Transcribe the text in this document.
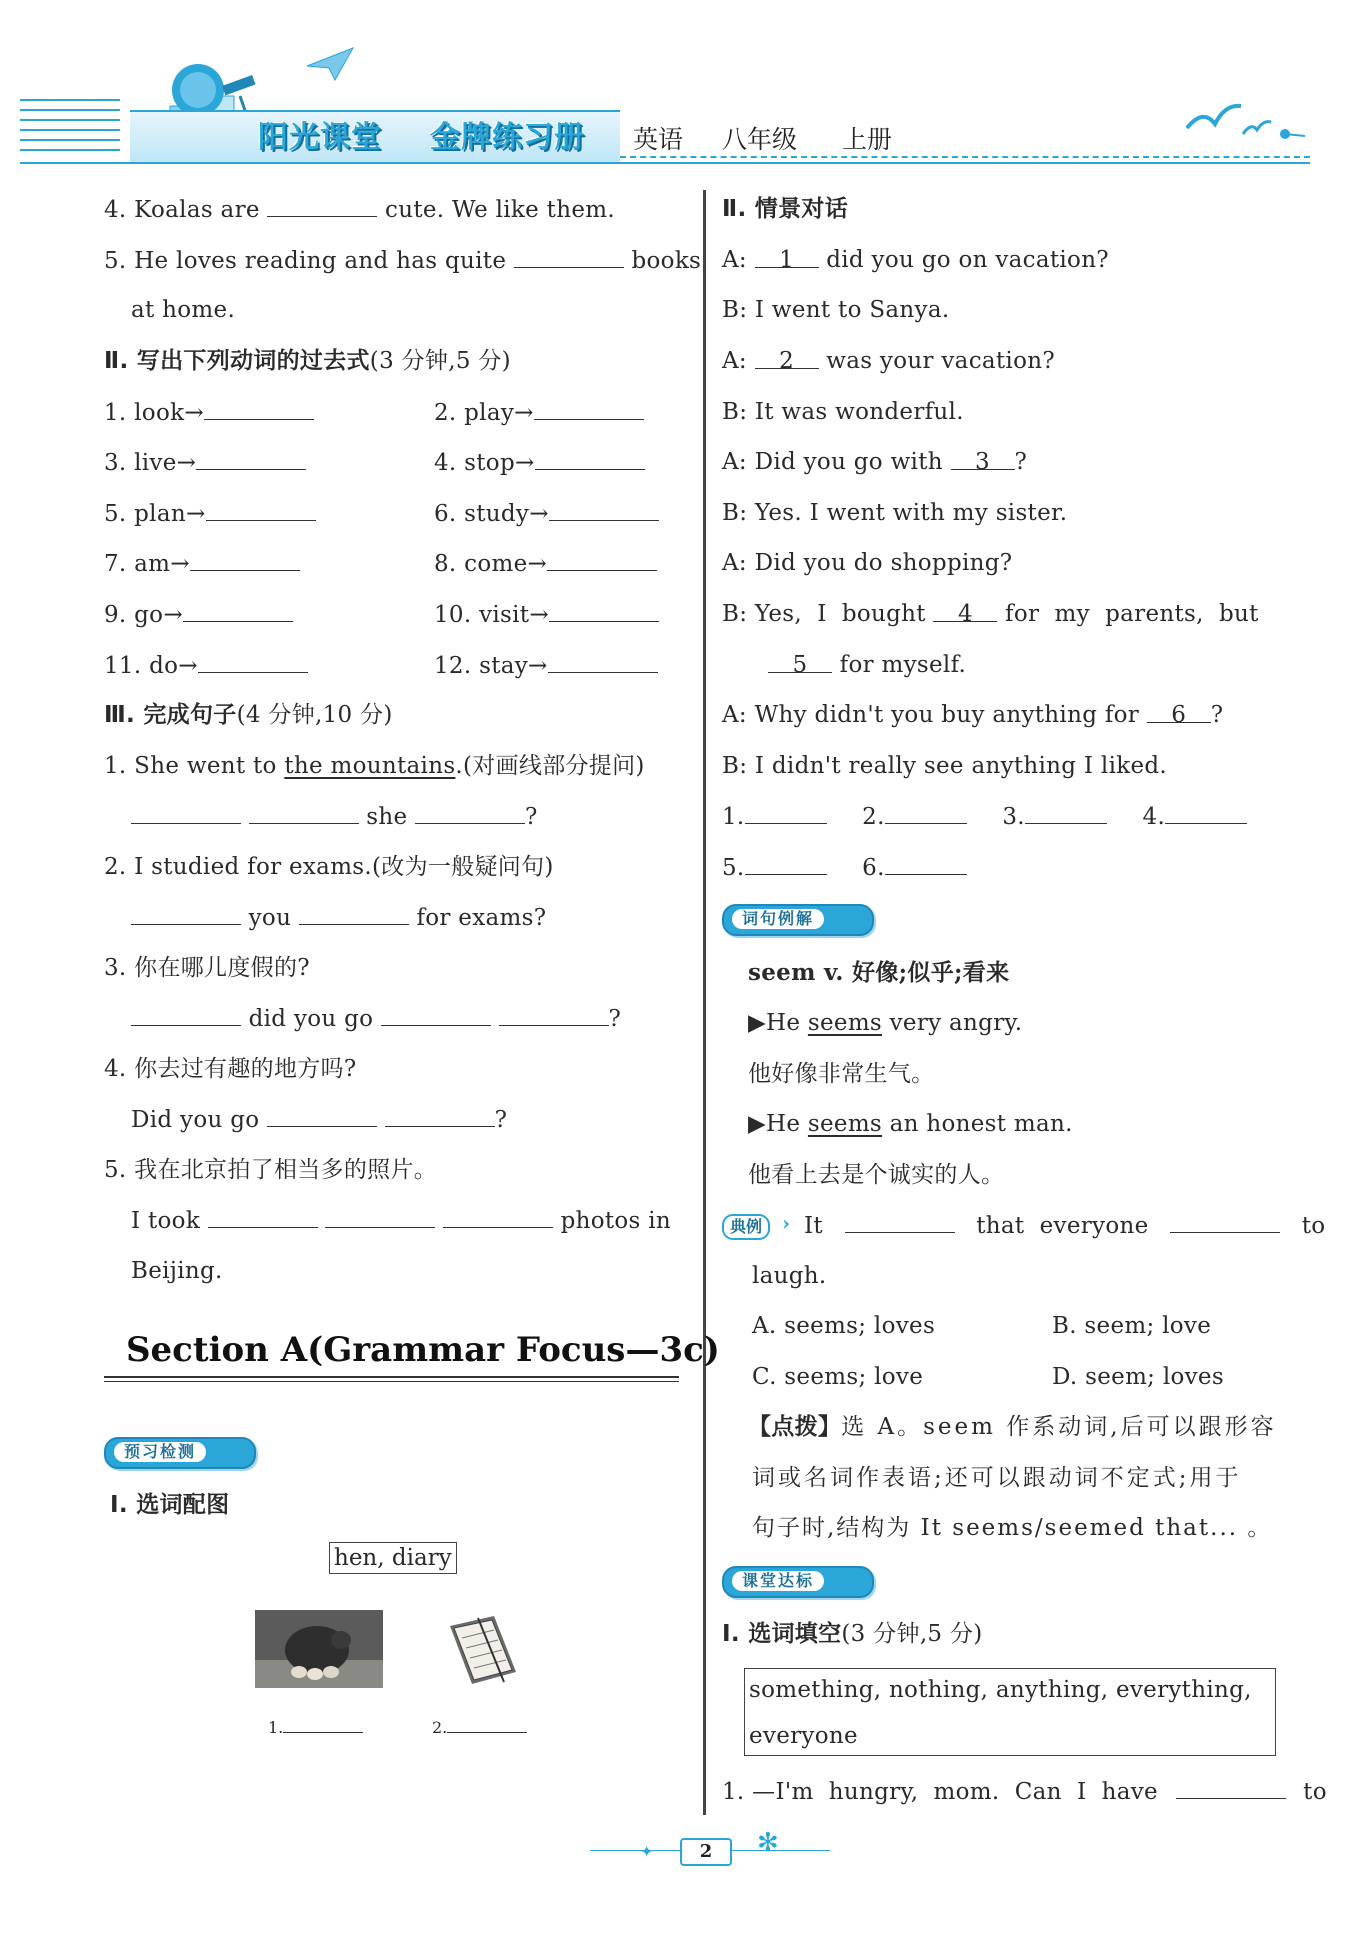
阳光课堂 金牌练习册 英语 八年级 上册
4. Koalas are	cute. We like them.
5. He loves reading and has quite	books
at home.
Ⅱ. 写出下列动词的过去式(3 分钟,5 分)
1. look→	2. play→
3. live→	4. stop→
5. plan→	6. study→
7. am→	8. come→
9. go→	10. visit→
11. do→	12. stay→
Ⅲ. 完成句子(4 分钟,10 分)
1. She went to the mountains.(对画线部分提问)
she	?
2. I studied for exams.(改为一般疑问句)
you	for exams?
3. 你在哪儿度假的?
did you go	?
4. 你去过有趣的地方吗?
Did you go	?
5. 我在北京拍了相当多的照片。
I took	photos in
Beijing.
Section A(Grammar Focus—3c)
预习检测
Ⅰ. 选词配图
hen, diary
1.	2.
Ⅱ. 情景对话
A: 1 did you go on vacation?
B: I went to Sanya.
A: 2 was your vacation?
B: It was wonderful.
A: Did you go with 3 ?
B: Yes. I went with my sister.
A: Did you do shopping?
B: Yes,  I  bought 4 for  my  parents,  but
5 for myself.
A: Why didn't you buy anything for 6 ?
B: I didn't really see anything I liked.
1.	2.	3.	4.
5.	6.
词句例解
seem v. 好像;似乎;看来
▶He seems very angry.
他好像非常生气。
▶He seems an honest man.
他看上去是个诚实的人。
典例 › It	that  everyone	to
laugh.
A. seems; loves	B. seem; love
C. seems; love	D. seem; loves
【点拨】选 A。seem 作系动词,后可以跟形容
词或名词作表语;还可以跟动词不定式;用于
句子时,结构为 It seems/seemed that... 。
课堂达标
Ⅰ. 选词填空(3 分钟,5 分)
something, nothing, anything, everything,
everyone
1. —I'm  hungry,  mom.  Can  I  have	to
✦	✻
2
